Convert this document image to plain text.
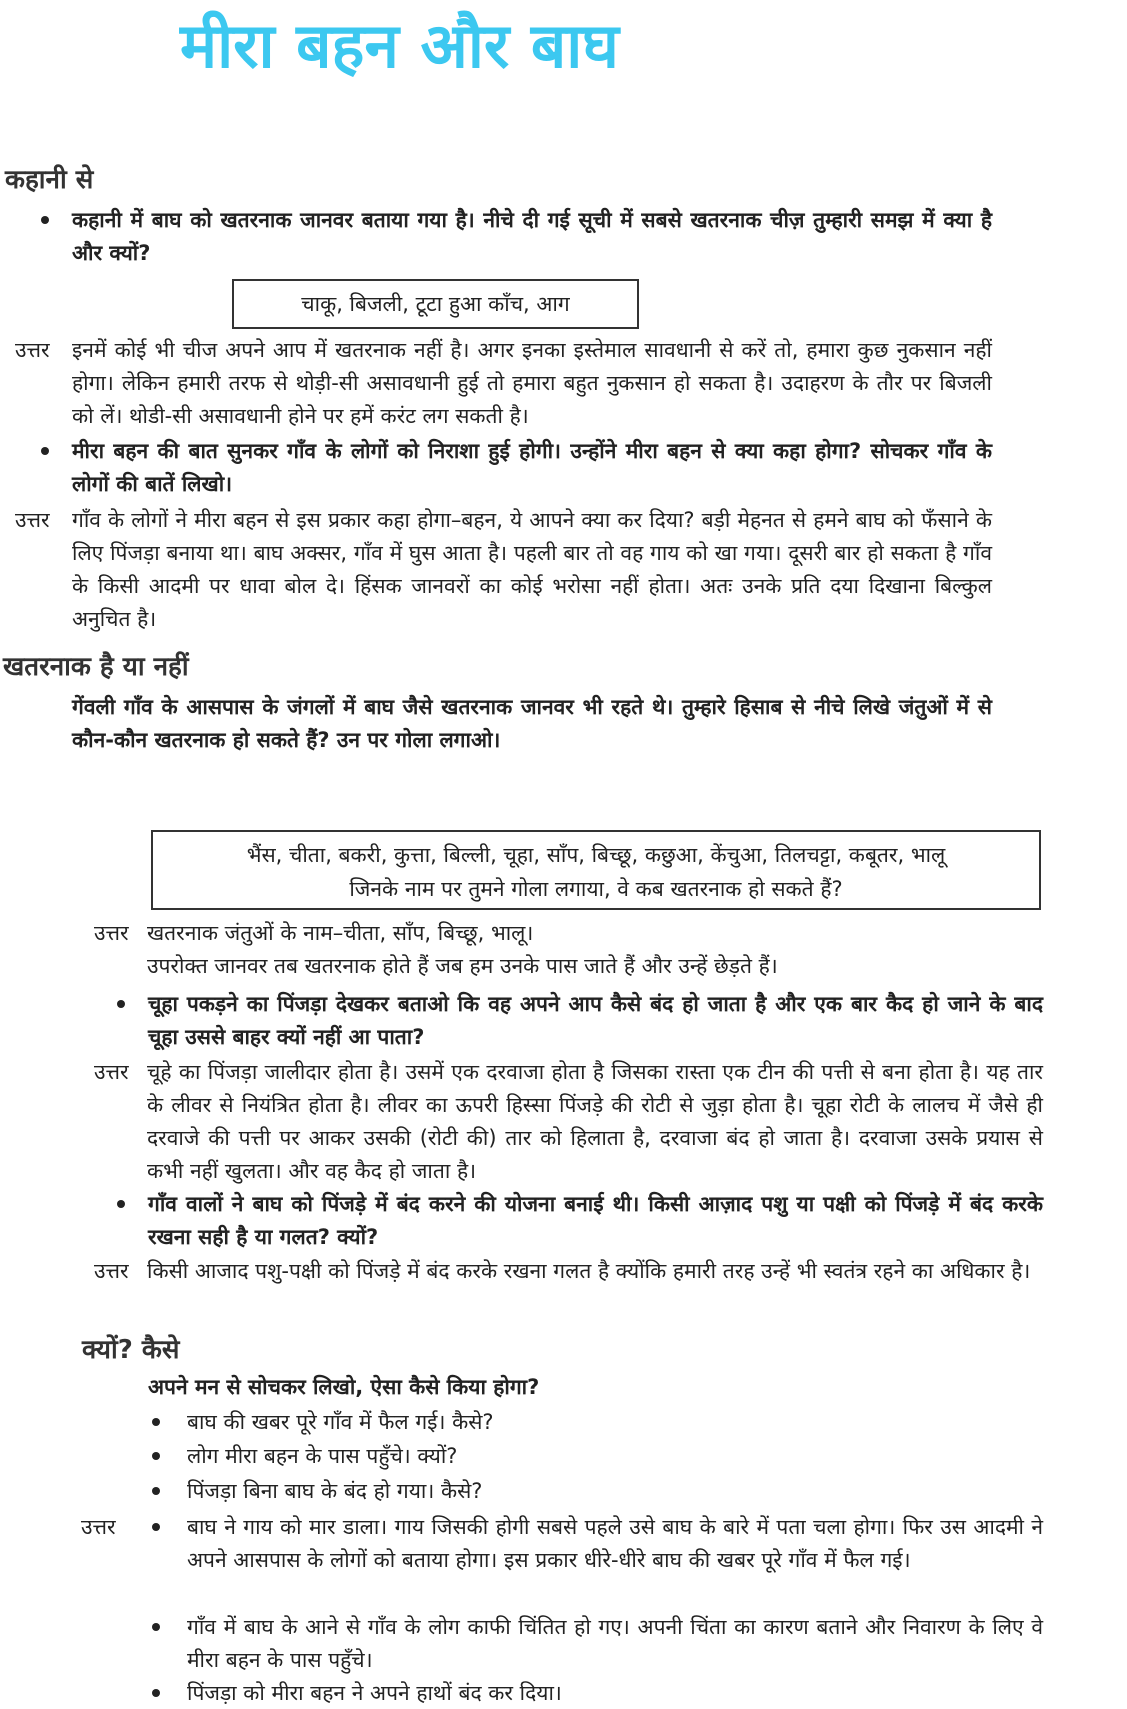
मीरा बहन और बाघ
कहानी से
कहानी में बाघ को खतरनाक जानवर बताया गया है। नीचे दी गई सूची में सबसे खतरनाक चीज़ तुम्हारी समझ में क्या है और क्यों?
चाकू, बिजली, टूटा हुआ काँच, आग
उत्तर इनमें कोई भी चीज अपने आप में खतरनाक नहीं है। अगर इनका इस्तेमाल सावधानी से करें तो, हमारा कुछ नुकसान नहीं होगा। लेकिन हमारी तरफ से थोड़ी-सी असावधानी हुई तो हमारा बहुत नुकसान हो सकता है। उदाहरण के तौर पर बिजली को लें। थोडी-सी असावधानी होने पर हमें करंट लग सकती है।
मीरा बहन की बात सुनकर गाँव के लोगों को निराशा हुई होगी। उन्होंने मीरा बहन से क्या कहा होगा? सोचकर गाँव के लोगों की बातें लिखो।
उत्तर गाँव के लोगों ने मीरा बहन से इस प्रकार कहा होगा–बहन, ये आपने क्या कर दिया? बड़ी मेहनत से हमने बाघ को फँसाने के लिए पिंजड़ा बनाया था। बाघ अक्सर, गाँव में घुस आता है। पहली बार तो वह गाय को खा गया। दूसरी बार हो सकता है गाँव के किसी आदमी पर धावा बोल दे। हिंसक जानवरों का कोई भरोसा नहीं होता। अतः उनके प्रति दया दिखाना बिल्कुल अनुचित है।
खतरनाक है या नहीं
गेंवली गाँव के आसपास के जंगलों में बाघ जैसे खतरनाक जानवर भी रहते थे। तुम्हारे हिसाब से नीचे लिखे जंतुओं में से कौन-कौन खतरनाक हो सकते हैं? उन पर गोला लगाओ।
भैंस, चीता, बकरी, कुत्ता, बिल्ली, चूहा, साँप, बिच्छू, कछुआ, केंचुआ, तिलचट्टा, कबूतर, भालू
जिनके नाम पर तुमने गोला लगाया, वे कब खतरनाक हो सकते हैं?
उत्तर खतरनाक जंतुओं के नाम–चीता, साँप, बिच्छू, भालू।
उपरोक्त जानवर तब खतरनाक होते हैं जब हम उनके पास जाते हैं और उन्हें छेड़ते हैं।
चूहा पकड़ने का पिंजड़ा देखकर बताओ कि वह अपने आप कैसे बंद हो जाता है और एक बार कैद हो जाने के बाद चूहा उससे बाहर क्यों नहीं आ पाता?
उत्तर चूहे का पिंजड़ा जालीदार होता है। उसमें एक दरवाजा होता है जिसका रास्ता एक टीन की पत्ती से बना होता है। यह तार के लीवर से नियंत्रित होता है। लीवर का ऊपरी हिस्सा पिंजड़े की रोटी से जुड़ा होता है। चूहा रोटी के लालच में जैसे ही दरवाजे की पत्ती पर आकर उसकी (रोटी की) तार को हिलाता है, दरवाजा बंद हो जाता है। दरवाजा उसके प्रयास से कभी नहीं खुलता। और वह कैद हो जाता है।
गाँव वालों ने बाघ को पिंजड़े में बंद करने की योजना बनाई थी। किसी आज़ाद पशु या पक्षी को पिंजड़े में बंद करके रखना सही है या गलत? क्यों?
उत्तर किसी आजाद पशु-पक्षी को पिंजड़े में बंद करके रखना गलत है क्योंकि हमारी तरह उन्हें भी स्वतंत्र रहने का अधिकार है।
क्यों? कैसे
अपने मन से सोचकर लिखो, ऐसा कैसे किया होगा?
बाघ की खबर पूरे गाँव में फैल गई। कैसे?
लोग मीरा बहन के पास पहुँचे। क्यों?
पिंजड़ा बिना बाघ के बंद हो गया। कैसे?
उत्तर	बाघ ने गाय को मार डाला। गाय जिसकी होगी सबसे पहले उसे बाघ के बारे में पता चला होगा। फिर उस आदमी ने अपने आसपास के लोगों को बताया होगा। इस प्रकार धीरे-धीरे बाघ की खबर पूरे गाँव में फैल गई।
गाँव में बाघ के आने से गाँव के लोग काफी चिंतित हो गए। अपनी चिंता का कारण बताने और निवारण के लिए वे मीरा बहन के पास पहुँचे।
पिंजड़ा को मीरा बहन ने अपने हाथों बंद कर दिया।
